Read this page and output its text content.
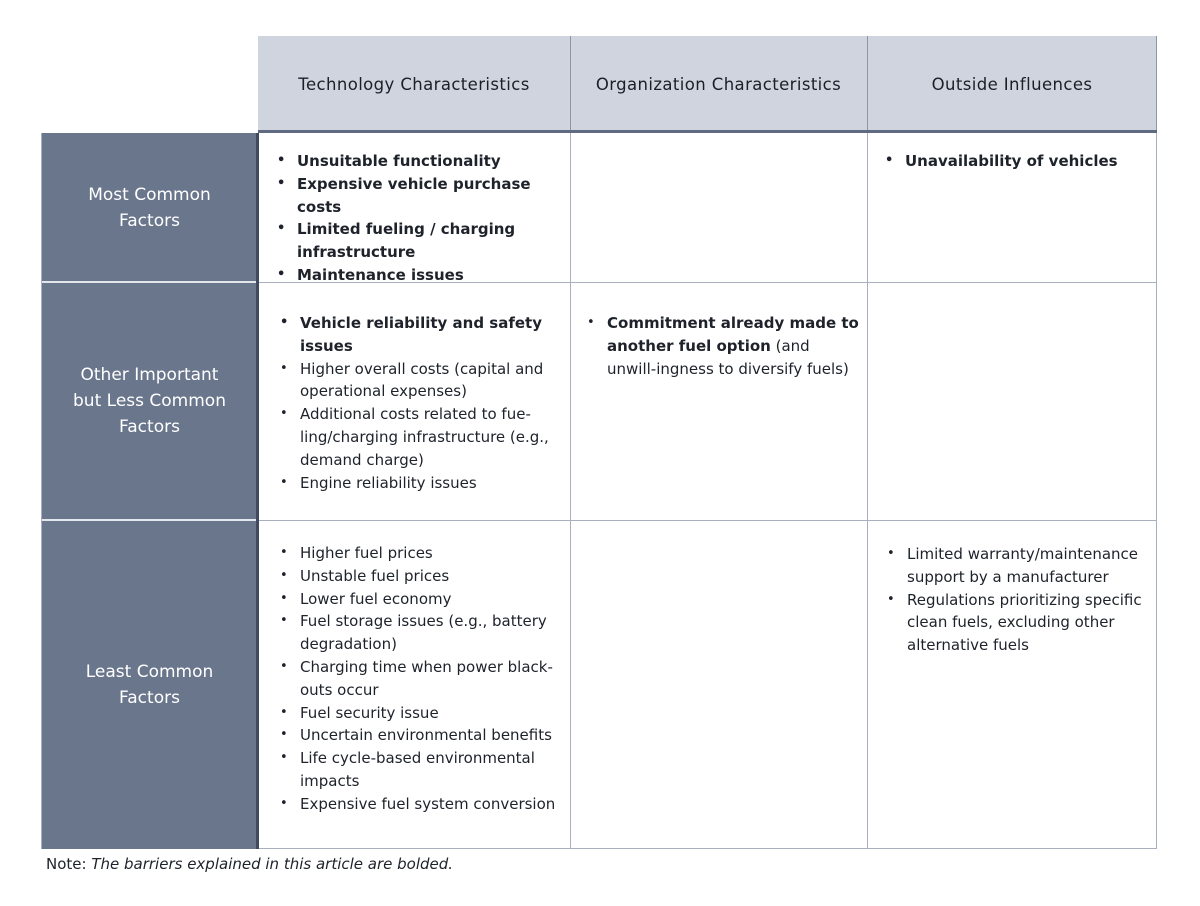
Technology Characteristics	Organization Characteristics	Outside Influences
Most Common Factors
Other Important but Less Common Factors
Least Common Factors
• Unsuitable functionality
• Expensive vehicle purchase costs
• Limited fueling / charging infrastructure
• Maintenance issues
• Unavailability of vehicles
• Vehicle reliability and safety issues
• Higher overall costs (capital and operational expenses)
• Additional costs related to fue-ling/charging infrastructure (e.g., demand charge)
• Engine reliability issues
• Commitment already made to another fuel option (and unwill-ingness to diversify fuels)
• Higher fuel prices
• Unstable fuel prices
• Lower fuel economy
• Fuel storage issues (e.g., battery degradation)
• Charging time when power black-outs occur
• Fuel security issue
• Uncertain environmental benefits
• Life cycle-based environmental impacts
• Expensive fuel system conversion
• Limited warranty/maintenance support by a manufacturer
• Regulations prioritizing specific clean fuels, excluding other alternative fuels
Note: The barriers explained in this article are bolded.
